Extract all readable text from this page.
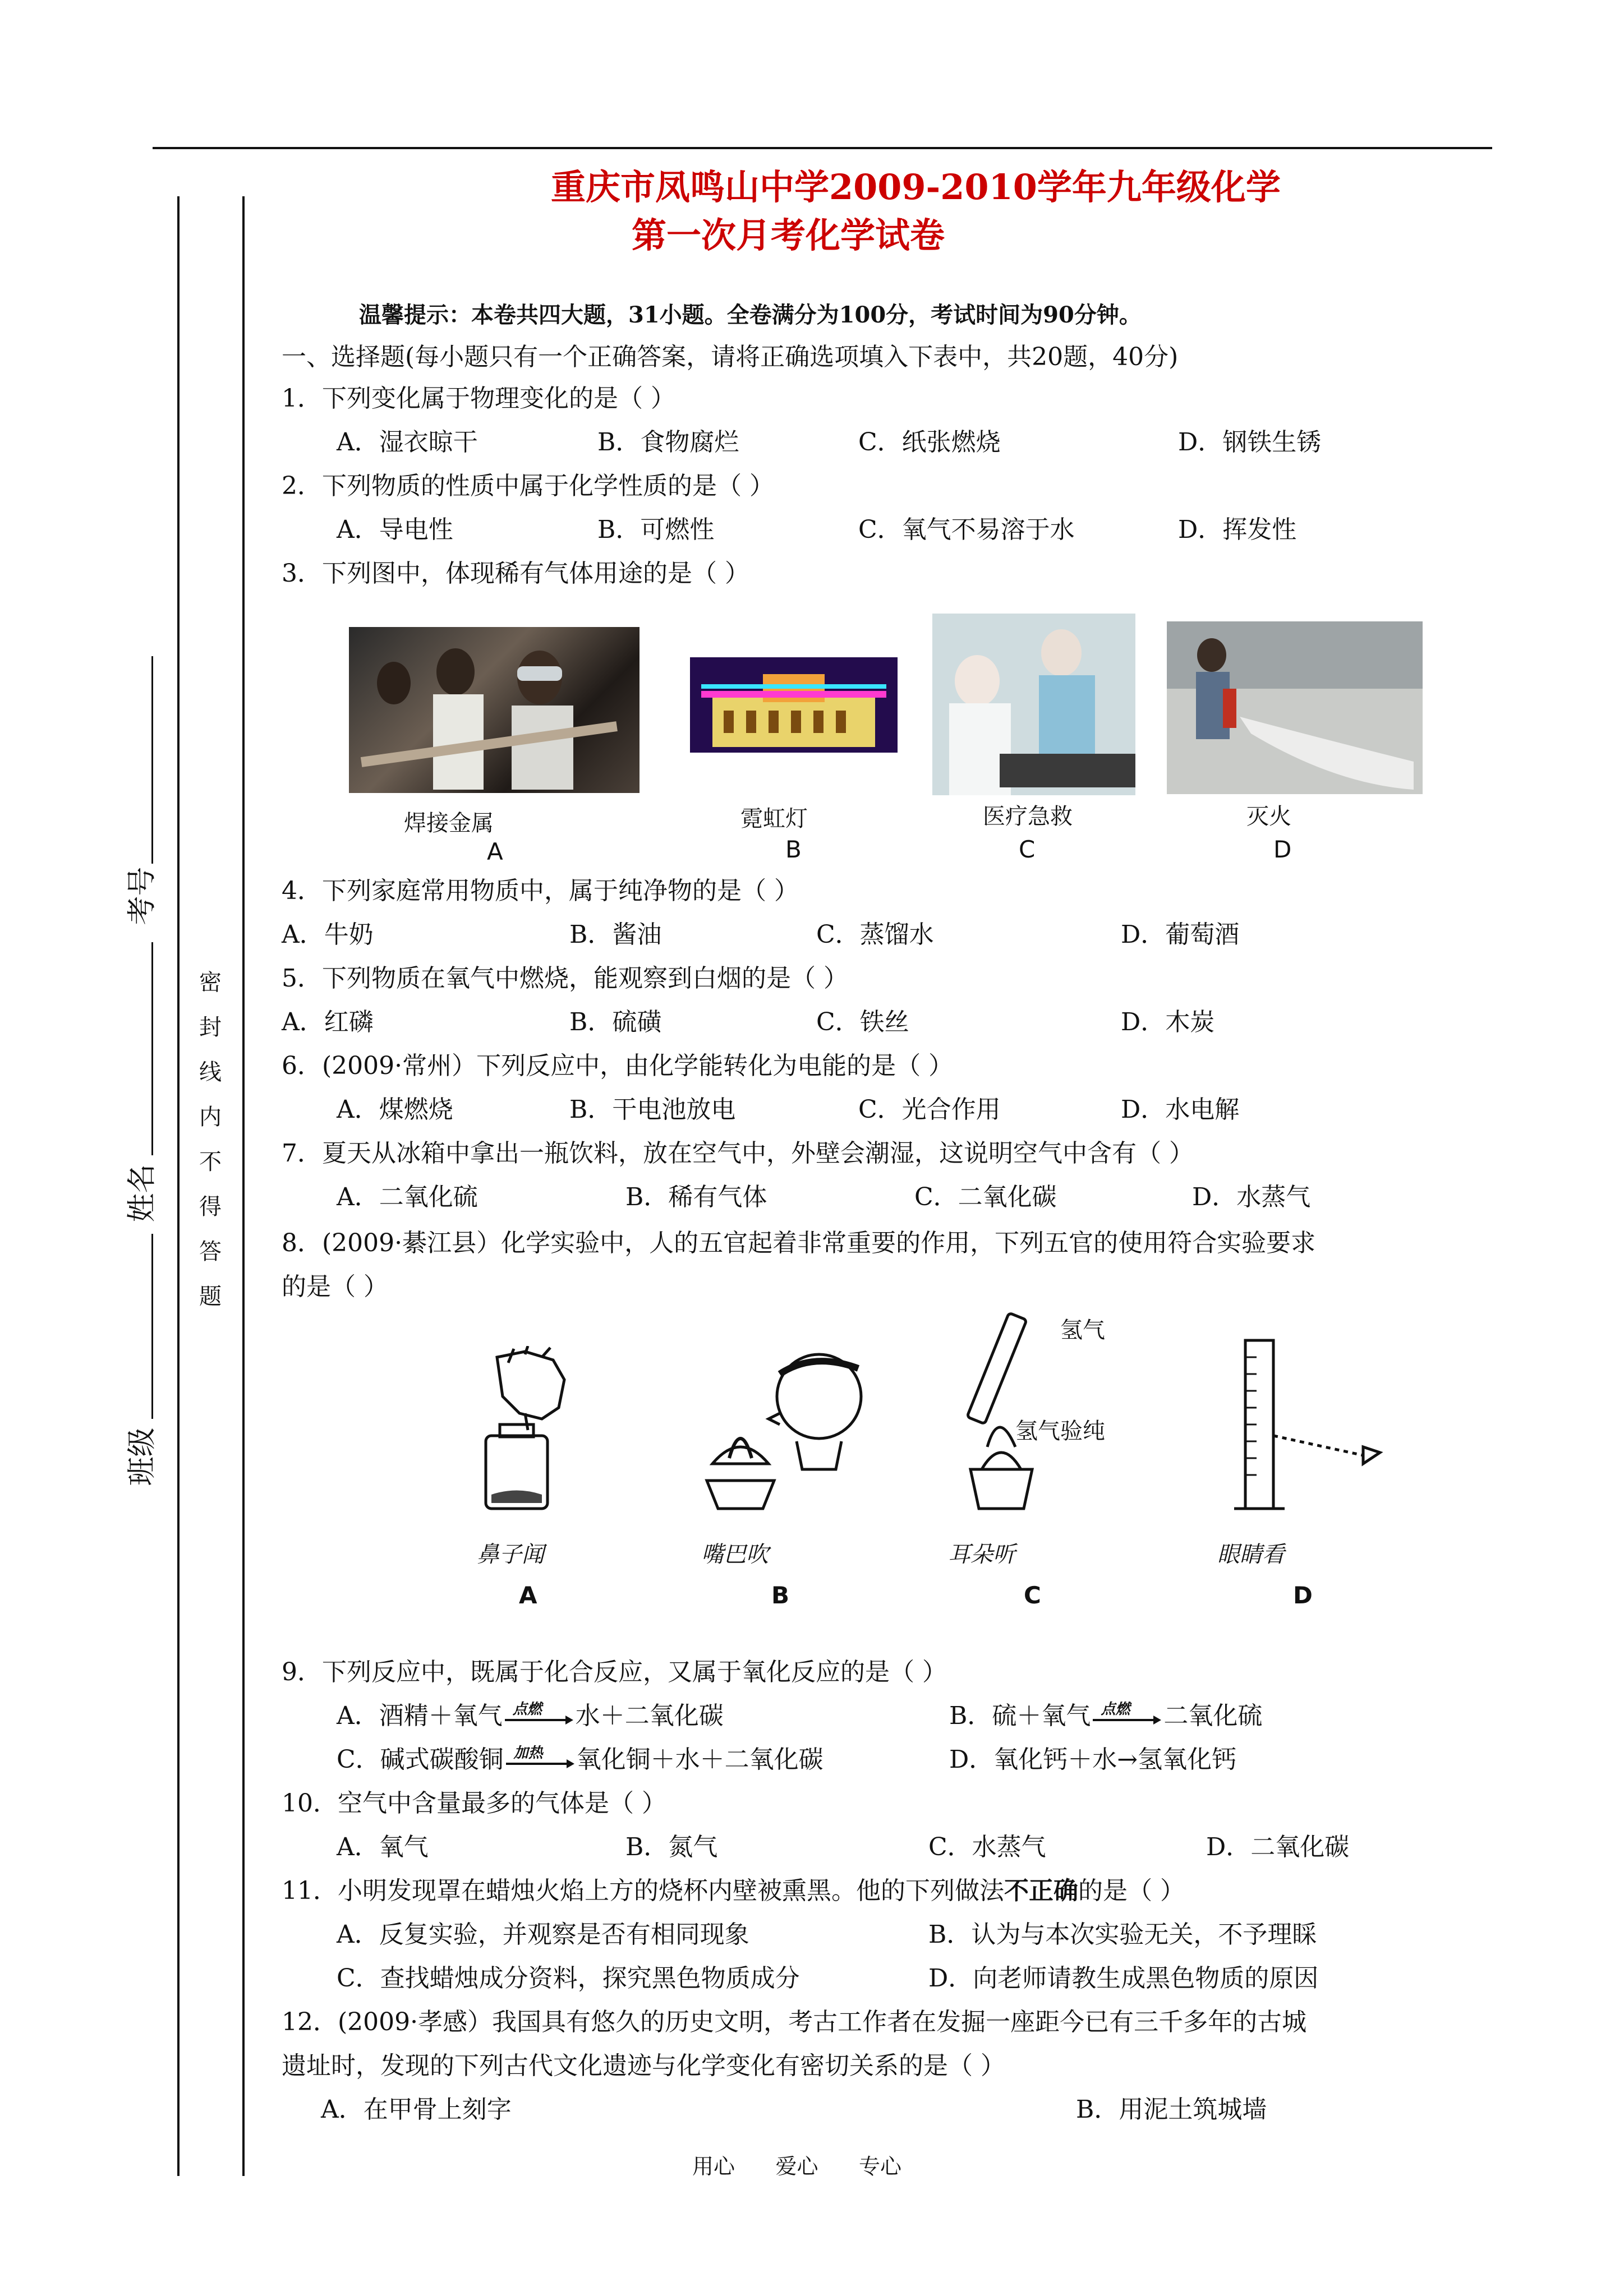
考号
姓名
班级
密
封
线
内
不
得
答
题
重庆市凤鸣山中学2009-2010学年九年级化学
第一次月考化学试卷
温馨提示：本卷共四大题，31小题。全卷满分为100分，考试时间为90分钟。
一、选择题(每小题只有一个正确答案，请将正确选项填入下表中，共20题，40分)
1．下列变化属于物理变化的是（ ）
A．湿衣晾干	B．食物腐烂	C．纸张燃烧	D．钢铁生锈
2．下列物质的性质中属于化学性质的是（ ）
A．导电性	B．可燃性	C．氧气不易溶于水	D．挥发性
3．下列图中，体现稀有气体用途的是（ ）
焊接金属	霓虹灯	医疗急救	灭火
A	B	C	D
4．下列家庭常用物质中，属于纯净物的是（ ）
A．牛奶	B．酱油	C．蒸馏水	D．葡萄酒
5．下列物质在氧气中燃烧，能观察到白烟的是（ ）
A．红磷	B．硫磺	C．铁丝	D．木炭
6．(2009·常州）下列反应中，由化学能转化为电能的是（ ）
A．煤燃烧	B．干电池放电	C．光合作用	D．水电解
7．夏天从冰箱中拿出一瓶饮料，放在空气中，外壁会潮湿，这说明空气中含有（ ）
A．二氧化硫	B．稀有气体	C．二氧化碳	D．水蒸气
8．(2009·綦江县）化学实验中，人的五官起着非常重要的作用，下列五官的使用符合实验要求
的是（ ）
氢气
氢气验纯
鼻子闻	嘴巴吹	耳朵听	眼睛看
A	B	C	D
9．下列反应中，既属于化合反应，又属于氧化反应的是（ ）
A．酒精＋氧气 点燃 水＋二氧化碳	B．硫＋氧气 点燃 二氧化硫
C．碱式碳酸铜 加热 氧化铜＋水＋二氧化碳	D．氧化钙＋水→氢氧化钙
10．空气中含量最多的气体是（ ）
A．氧气	B．氮气	C．水蒸气	D．二氧化碳
11．小明发现罩在蜡烛火焰上方的烧杯内壁被熏黑。他的下列做法不正确的是（ ）
A．反复实验，并观察是否有相同现象	B．认为与本次实验无关，不予理睬
C．查找蜡烛成分资料，探究黑色物质成分	D．向老师请教生成黑色物质的原因
12．(2009·孝感）我国具有悠久的历史文明，考古工作者在发掘一座距今已有三千多年的古城
遗址时，发现的下列古代文化遗迹与化学变化有密切关系的是（ ）
A．在甲骨上刻字	B．用泥土筑城墙
用心      爱心      专心
